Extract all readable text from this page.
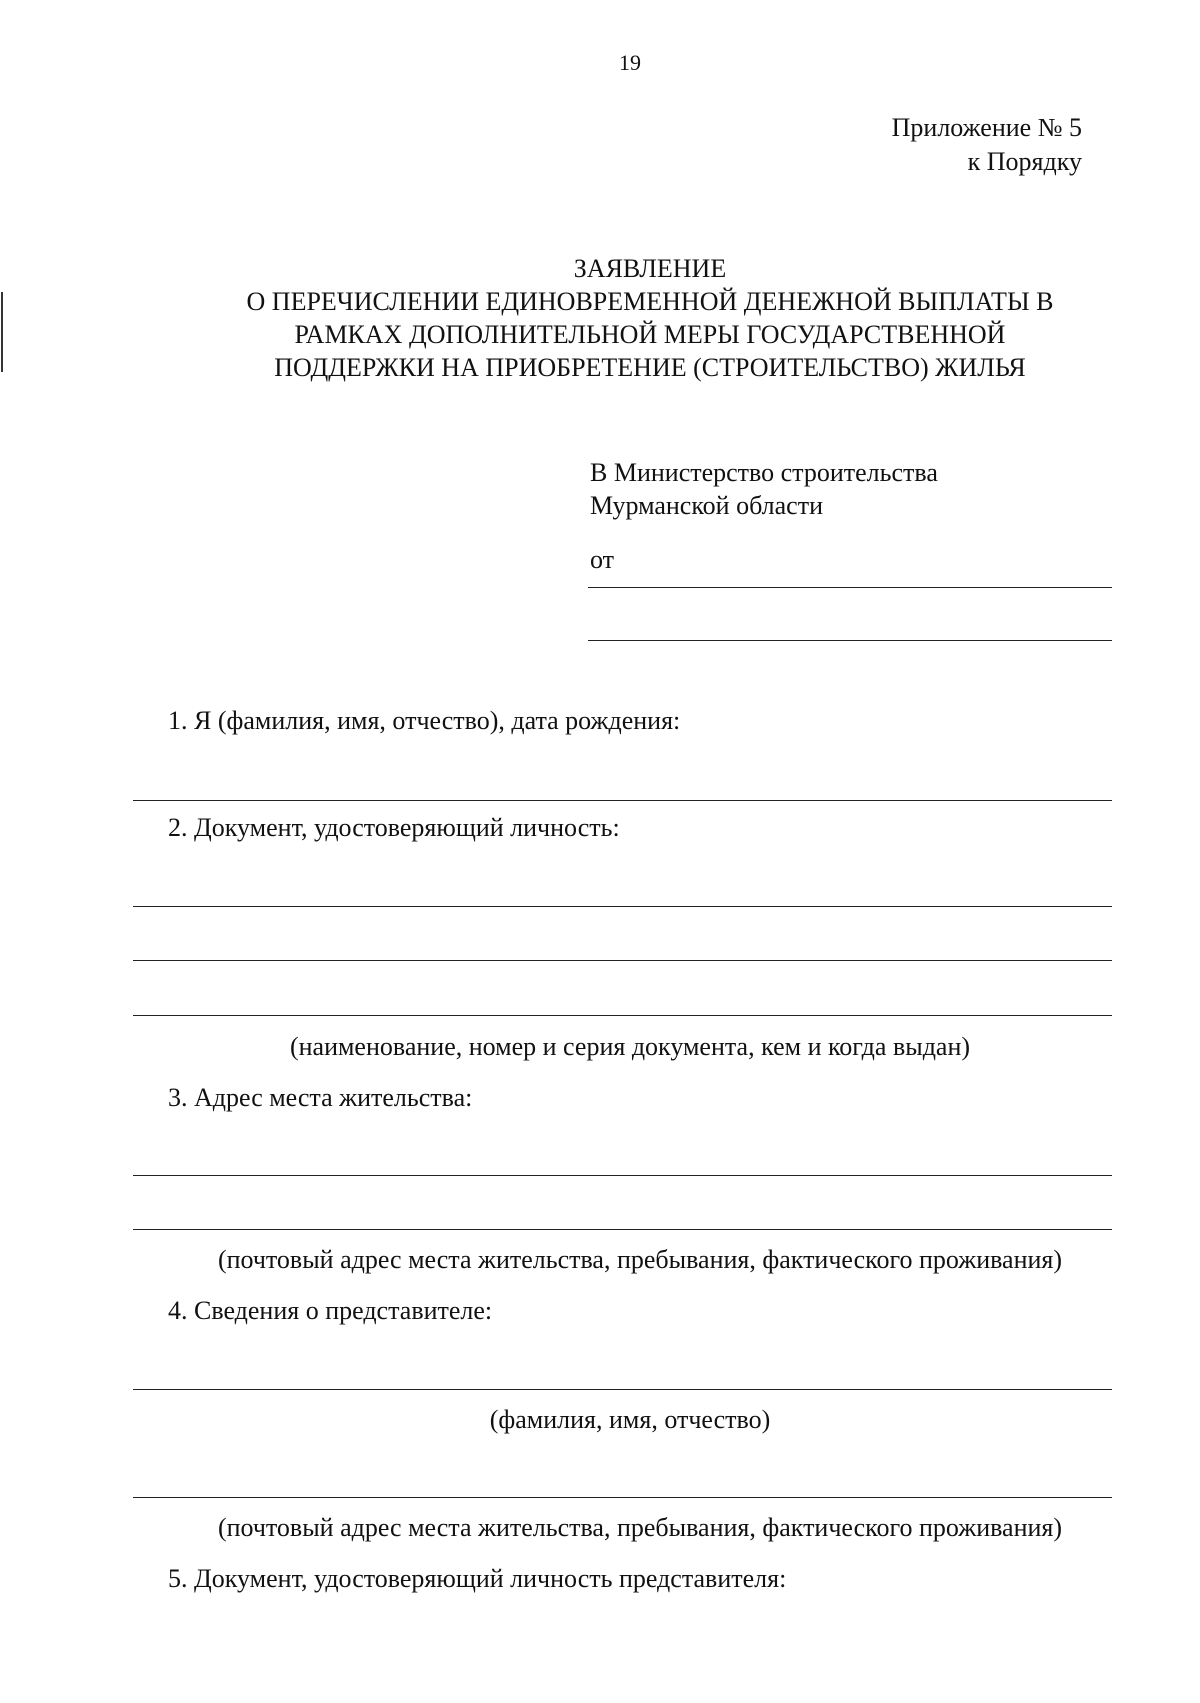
19
Приложение № 5
к Порядку
ЗАЯВЛЕНИЕ
О ПЕРЕЧИСЛЕНИИ ЕДИНОВРЕМЕННОЙ ДЕНЕЖНОЙ ВЫПЛАТЫ В
РАМКАХ ДОПОЛНИТЕЛЬНОЙ МЕРЫ ГОСУДАРСТВЕННОЙ
ПОДДЕРЖКИ НА ПРИОБРЕТЕНИЕ (СТРОИТЕЛЬСТВО) ЖИЛЬЯ
В Министерство строительства
Мурманской области
от
1. Я (фамилия, имя, отчество), дата рождения:
2. Документ, удостоверяющий личность:
(наименование, номер и серия документа, кем и когда выдан)
3. Адрес места жительства:
(почтовый адрес места жительства, пребывания, фактического проживания)
4. Сведения о представителе:
(фамилия, имя, отчество)
(почтовый адрес места жительства, пребывания, фактического проживания)
5. Документ, удостоверяющий личность представителя:
